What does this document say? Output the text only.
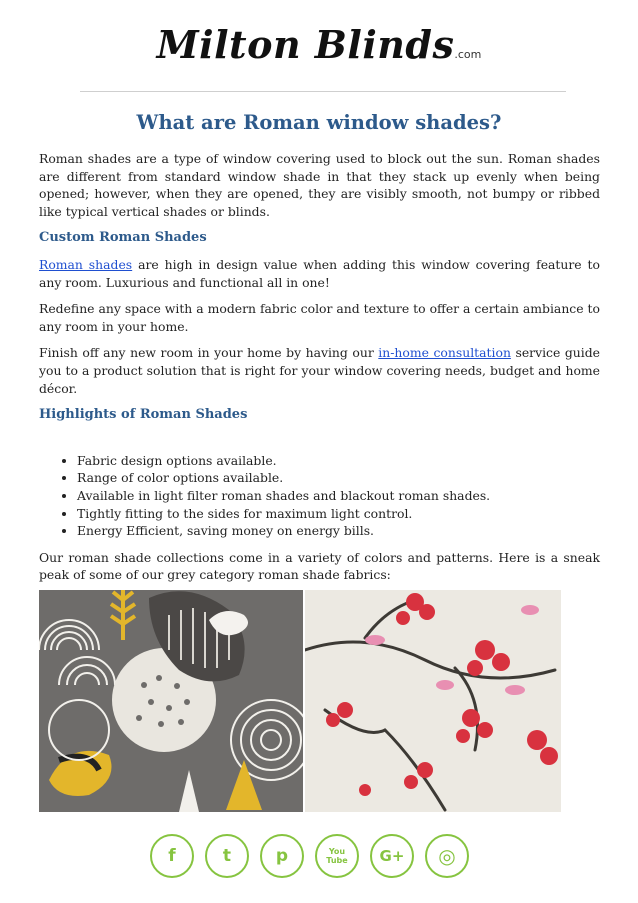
Milton Blinds.com
What are Roman window shades?

Roman shades are a type of window covering used to block out the sun. Roman shades are different from standard window shade in that they stack up evenly when being opened; however, when they are opened, they are visibly smooth, not bumpy or ribbed like typical vertical shades or blinds.

Custom Roman Shades

Roman shades are high in design value when adding this window covering feature to any room. Luxurious and functional all in one!

Redefine any space with a modern fabric color and texture to offer a certain ambiance to any room in your home.

Finish off any new room in your home by having our in-home consultation service guide you to a product solution that is right for your window covering needs, budget and home décor.

Highlights of Roman Shades
• Fabric design options available.
• Range of color options available.
• Available in light filter roman shades and blackout roman shades.
• Tightly fitting to the sides for maximum light control.
• Energy Efficient, saving money on energy bills.

Our roman shade collections come in a variety of colors and patterns. Here is a sneak peak of some of our grey category roman shade fabrics:

f	t	p	You Tube	G+	◎
